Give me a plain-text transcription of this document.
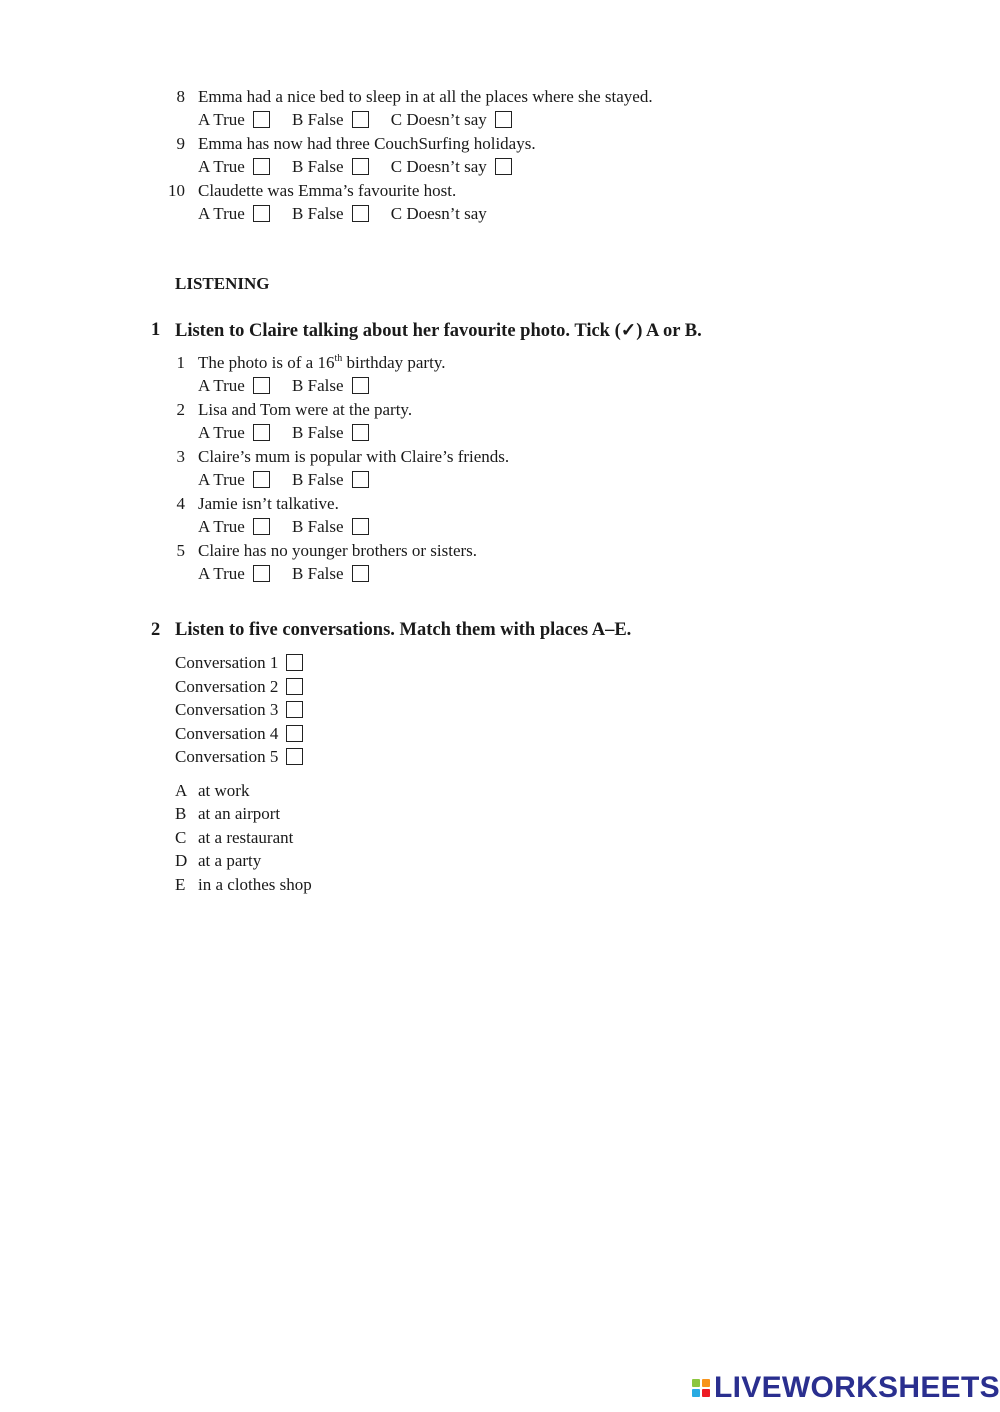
8 Emma had a nice bed to sleep in at all the places where she stayed.
A True	B False	C Doesn’t say
9 Emma has now had three CouchSurfing holidays.
A True	B False	C Doesn’t say
10 Claudette was Emma’s favourite host.
A True	B False	C Doesn’t say
LISTENING
1 Listen to Claire talking about her favourite photo. Tick (✓) A or B.
1 The photo is of a 16th birthday party.
A True	B False
2 Lisa and Tom were at the party.
A True	B False
3 Claire’s mum is popular with Claire’s friends.
A True	B False
4 Jamie isn’t talkative.
A True	B False
5 Claire has no younger brothers or sisters.
A True	B False
2 Listen to five conversations. Match them with places A–E.
Conversation 1
Conversation 2
Conversation 3
Conversation 4
Conversation 5
A at work
B at an airport
C at a restaurant
D at a party
E in a clothes shop
LIVEWORKSHEETS
